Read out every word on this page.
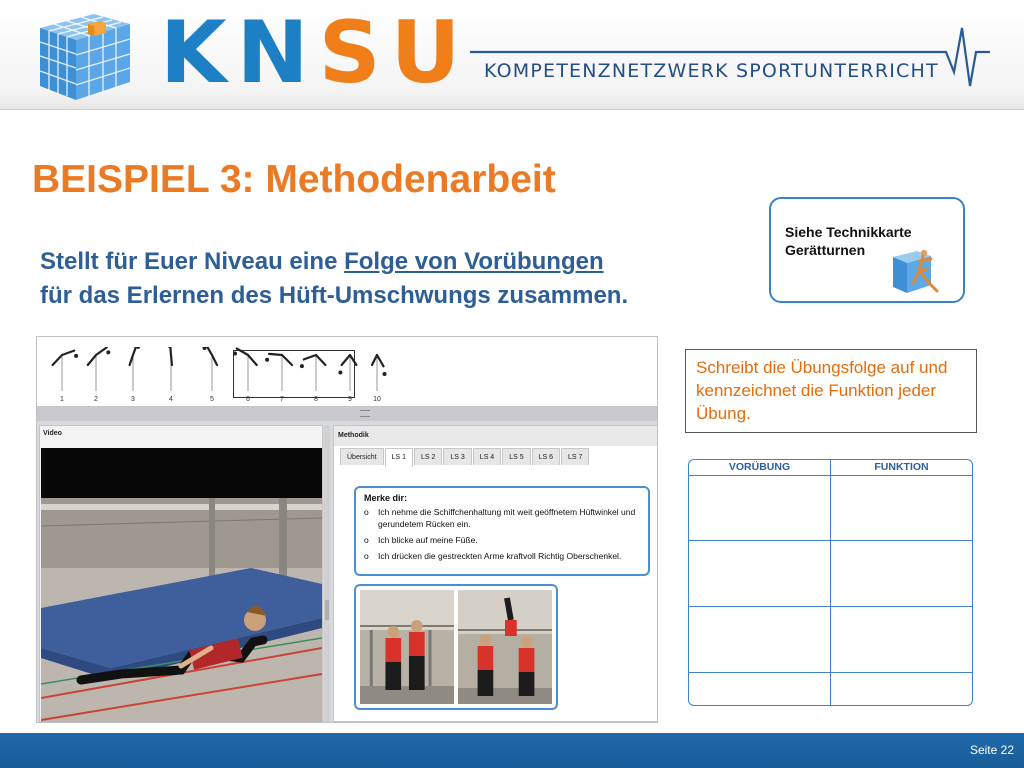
KNSU KOMPETENZNETZWERK SPORTUNTERRICHT
BEISPIEL 3: Methodenarbeit
Stellt für Euer Niveau eine Folge von Vorübungen
für das Erlernen des Hüft-Umschwungs zusammen.
Siehe Technikkarte
Gerätturnen
1	2	3	4	5	6	7	8	9	10
Video	Methodik
Übersicht	LS 1	LS 2	LS 3	LS 4	LS 5	LS 6	LS 7
Merke dir:
o	Ich nehme die Schiffchenhaltung mit weit geöffnetem Hüftwinkel und gerundetem Rücken ein.
o	Ich blicke auf meine Füße.
o	Ich drücken die gestreckten Arme kraftvoll Richtig Oberschenkel.
Schreibt die Übungsfolge auf und kennzeichnet die Funktion jeder Übung.
VORÜBUNG	FUNKTION

Seite 22
